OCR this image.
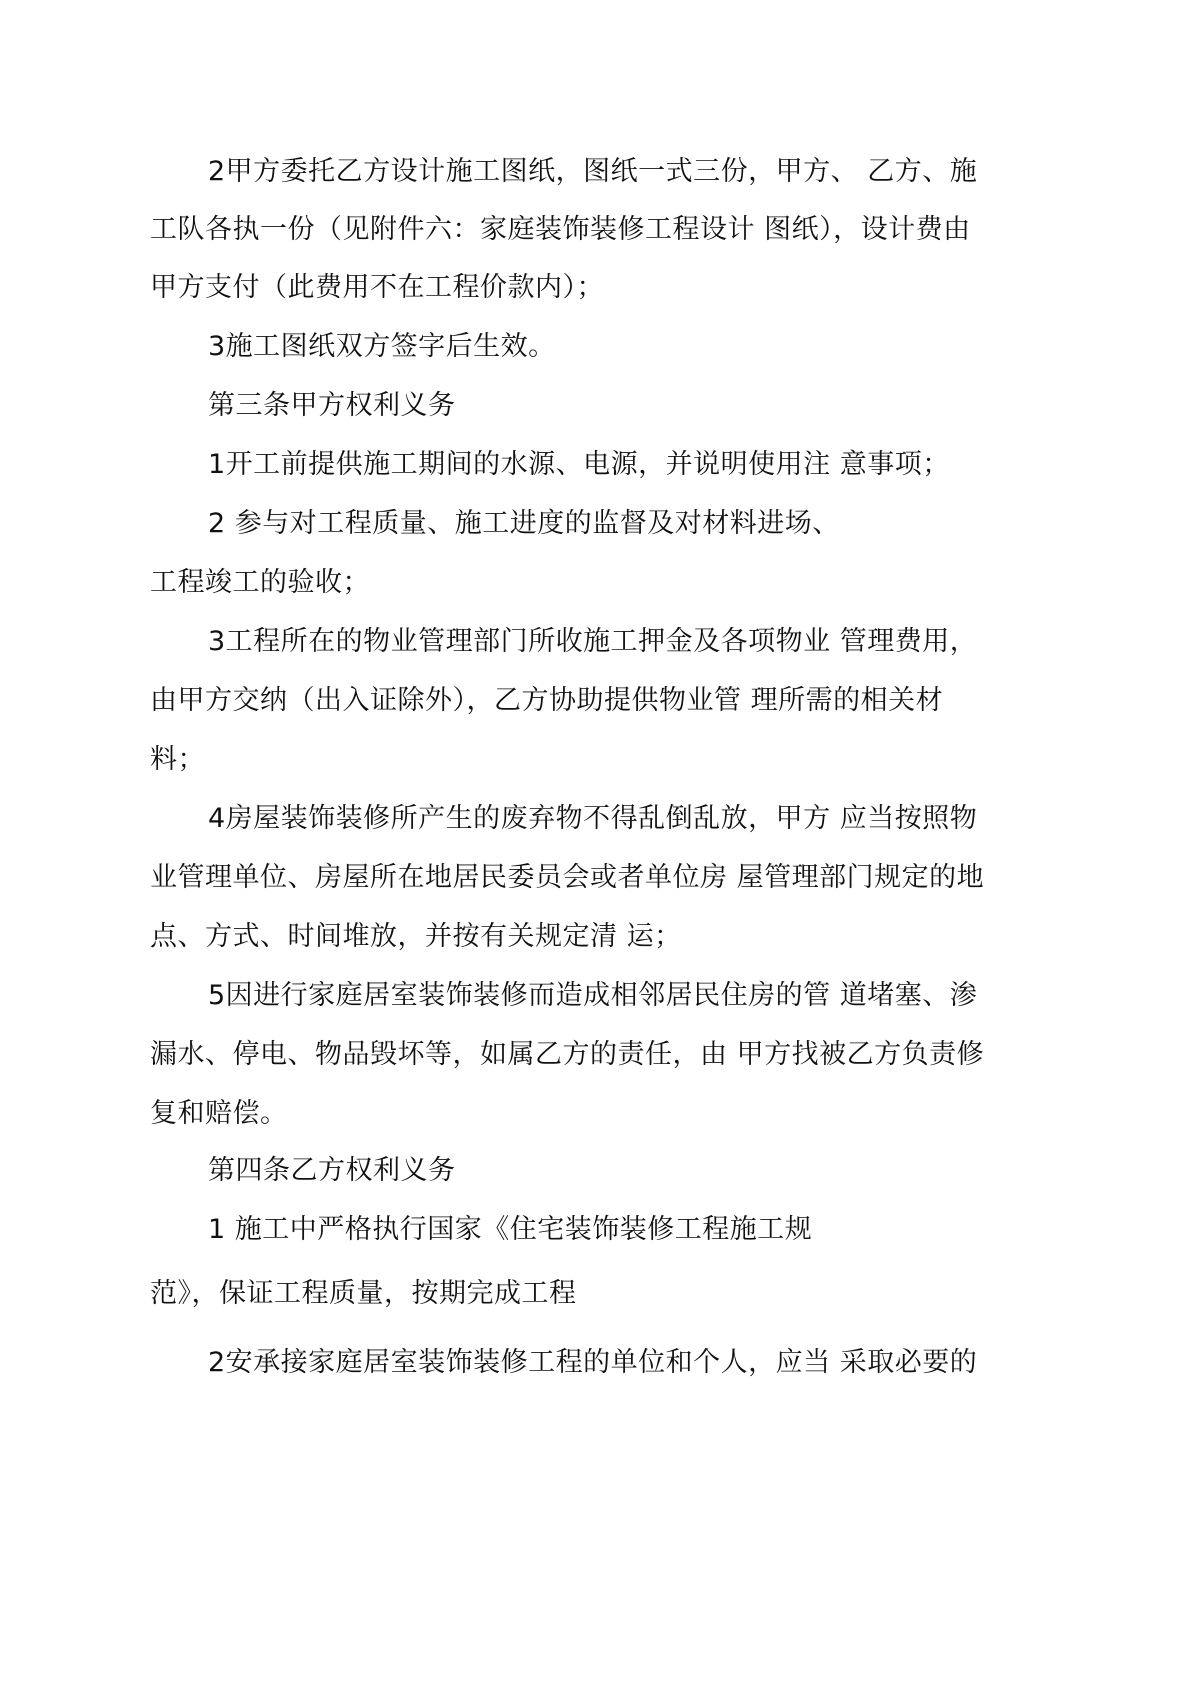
2甲方委托乙方设计施工图纸，图纸一式三份，甲方、 乙方、施
工队各执一份（见附件六：家庭装饰装修工程设计 图纸），设计费由
甲方支付（此费用不在工程价款内）；
3施工图纸双方签字后生效。
第三条甲方权利义务
1开工前提供施工期间的水源、电源，并说明使用注 意事项；
2 参与对工程质量、施工进度的监督及对材料进场、
工程竣工的验收；
3工程所在的物业管理部门所收施工押金及各项物业 管理费用，
由甲方交纳（出入证除外），乙方协助提供物业管 理所需的相关材
料；
4房屋装饰装修所产生的废弃物不得乱倒乱放，甲方 应当按照物
业管理单位、房屋所在地居民委员会或者单位房 屋管理部门规定的地
点、方式、时间堆放，并按有关规定清 运；
5因进行家庭居室装饰装修而造成相邻居民住房的管 道堵塞、渗
漏水、停电、物品毁坏等，如属乙方的责任，由 甲方找被乙方负责修
复和赔偿。
第四条乙方权利义务
1 施工中严格执行国家《住宅装饰装修工程施工规
范》，保证工程质量，按期完成工程
2安承接家庭居室装饰装修工程的单位和个人，应当 采取必要的
